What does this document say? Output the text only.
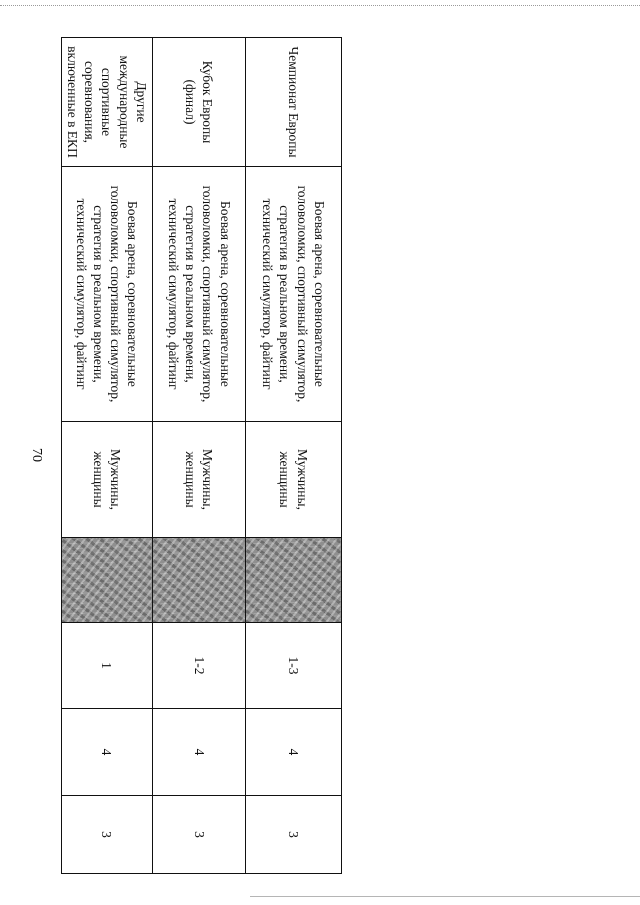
70
Чемпионат Европы	Боевая арена, соревновательные головоломки, спортивный симулятор, стратегия в реальном времени, технический симулятор, файтинг	Мужчины, женщины		1-3	4	3
Кубок Европы (финал)	Боевая арена, соревновательные головоломки, спортивный симулятор, стратегия в реальном времени, технический симулятор, файтинг	Мужчины, женщины		1-2	4	3
Другие международные спортивные соревнования, включенные в ЕКП	Боевая арена, соревновательные головоломки, спортивный симулятор, стратегия в реальном времени, технический симулятор, файтинг	Мужчины, женщины		1	4	3
